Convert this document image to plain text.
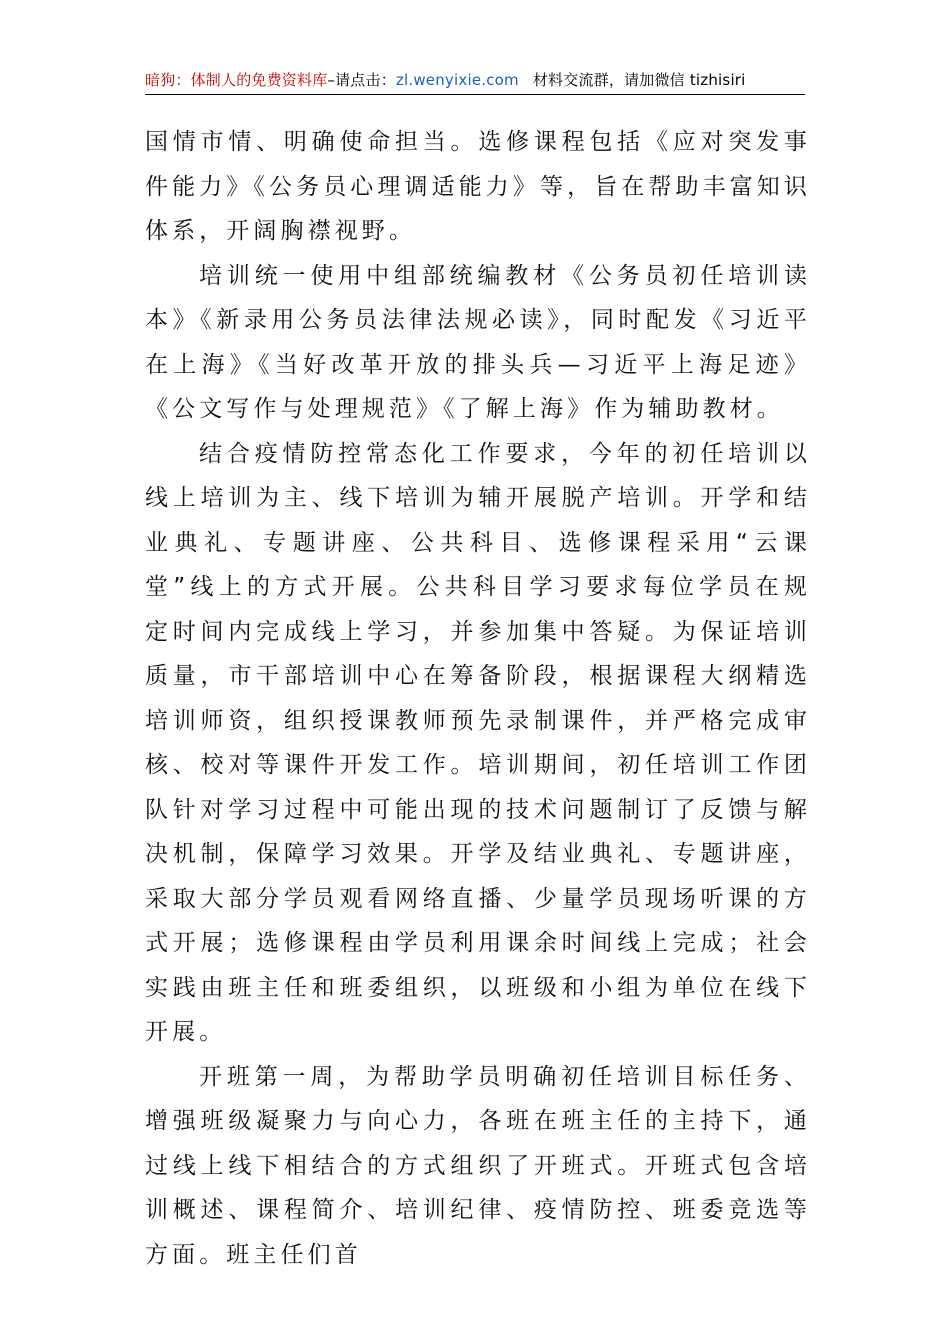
暗狗：体制人的免费资料库–请点击：zl.wenyixie.com 材料交流群，请加微信 tizhisiri

国情市情、明确使命担当。选修课程包括《应对突发事件能力》《公务员心理调适能力》等，旨在帮助丰富知识体系，开阔胸襟视野。

培训统一使用中组部统编教材《公务员初任培训读本》《新录用公务员法律法规必读》，同时配发《习近平在上海》《当好改革开放的排头兵—习近平上海足迹》《公文写作与处理规范》《了解上海》作为辅助教材。

结合疫情防控常态化工作要求，今年的初任培训以线上培训为主、线下培训为辅开展脱产培训。开学和结业典礼、专题讲座、公共科目、选修课程采用“云课堂”线上的方式开展。公共科目学习要求每位学员在规定时间内完成线上学习，并参加集中答疑。为保证培训质量，市干部培训中心在筹备阶段，根据课程大纲精选培训师资，组织授课教师预先录制课件，并严格完成审核、校对等课件开发工作。培训期间，初任培训工作团队针对学习过程中可能出现的技术问题制订了反馈与解决机制，保障学习效果。开学及结业典礼、专题讲座，采取大部分学员观看网络直播、少量学员现场听课的方式开展；选修课程由学员利用课余时间线上完成；社会实践由班主任和班委组织，以班级和小组为单位在线下开展。

开班第一周，为帮助学员明确初任培训目标任务、增强班级凝聚力与向心力，各班在班主任的主持下，通过线上线下相结合的方式组织了开班式。开班式包含培训概述、课程简介、培训纪律、疫情防控、班委竞选等方面。班主任们首
